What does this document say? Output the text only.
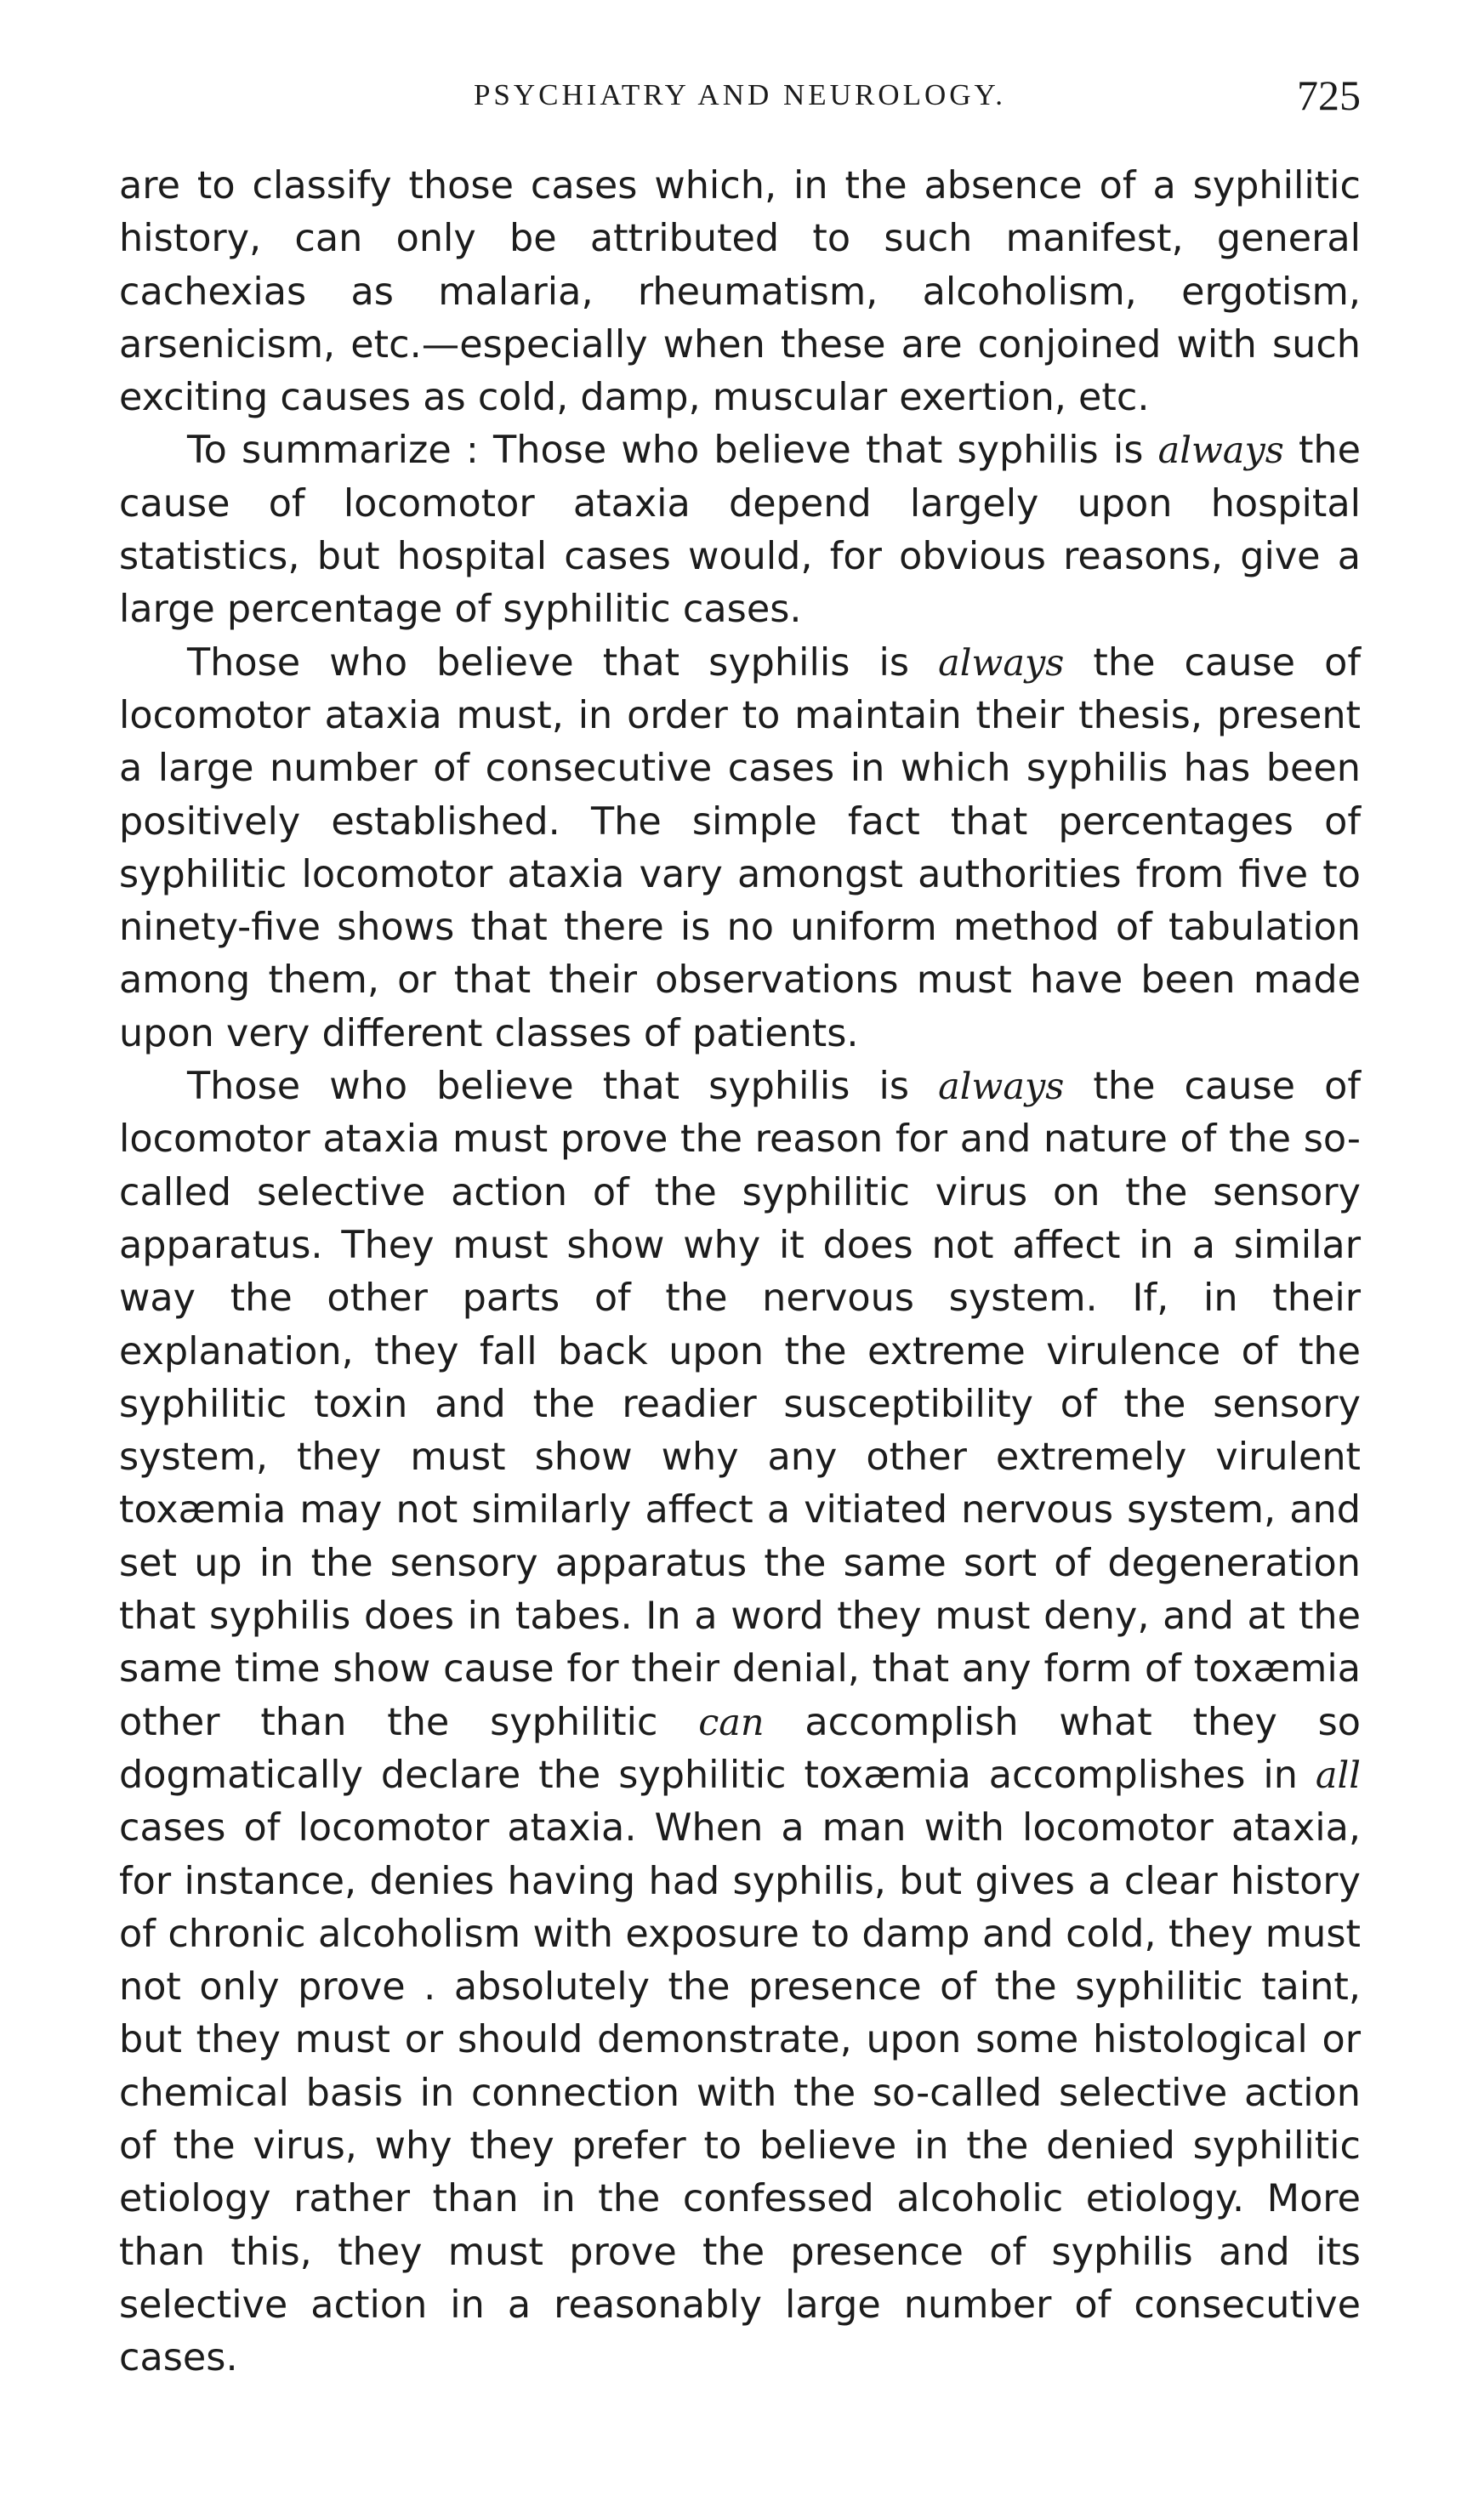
PSYCHIATRY AND NEUROLOGY.	725

are to classify those cases which, in the absence of a syphilitic history, can only be attributed to such manifest, general cachexias as malaria, rheumatism, alcoholism, ergotism, arsenicism, etc.—especially when these are conjoined with such exciting causes as cold, damp, muscular exertion, etc.

To summarize : Those who believe that syphilis is always the cause of locomotor ataxia depend largely upon hospital statistics, but hospital cases would, for obvious reasons, give a large percentage of syphilitic cases.

Those who believe that syphilis is always the cause of locomotor ataxia must, in order to maintain their thesis, present a large number of consecutive cases in which syphilis has been positively established. The simple fact that percentages of syphilitic locomotor ataxia vary amongst authorities from five to ninety-five shows that there is no uniform method of tabulation among them, or that their observations must have been made upon very different classes of patients.

Those who believe that syphilis is always the cause of locomotor ataxia must prove the reason for and nature of the so-called selective action of the syphilitic virus on the sensory apparatus. They must show why it does not affect in a similar way the other parts of the nervous system. If, in their explanation, they fall back upon the extreme virulence of the syphilitic toxin and the readier susceptibility of the sensory system, they must show why any other extremely virulent toxæmia may not similarly affect a vitiated nervous system, and set up in the sensory apparatus the same sort of degeneration that syphilis does in tabes. In a word they must deny, and at the same time show cause for their denial, that any form of toxæmia other than the syphilitic can accomplish what they so dogmatically declare the syphilitic toxæmia accomplishes in all cases of locomotor ataxia. When a man with locomotor ataxia, for instance, denies having had syphilis, but gives a clear history of chronic alcoholism with exposure to damp and cold, they must not only prove . absolutely the presence of the syphilitic taint, but they must or should demonstrate, upon some histological or chemical basis in connection with the so-called selective action of the virus, why they prefer to believe in the denied syphilitic etiology rather than in the confessed alcoholic etiology. More than this, they must prove the presence of syphilis and its selective action in a reasonably large number of consecutive cases.
